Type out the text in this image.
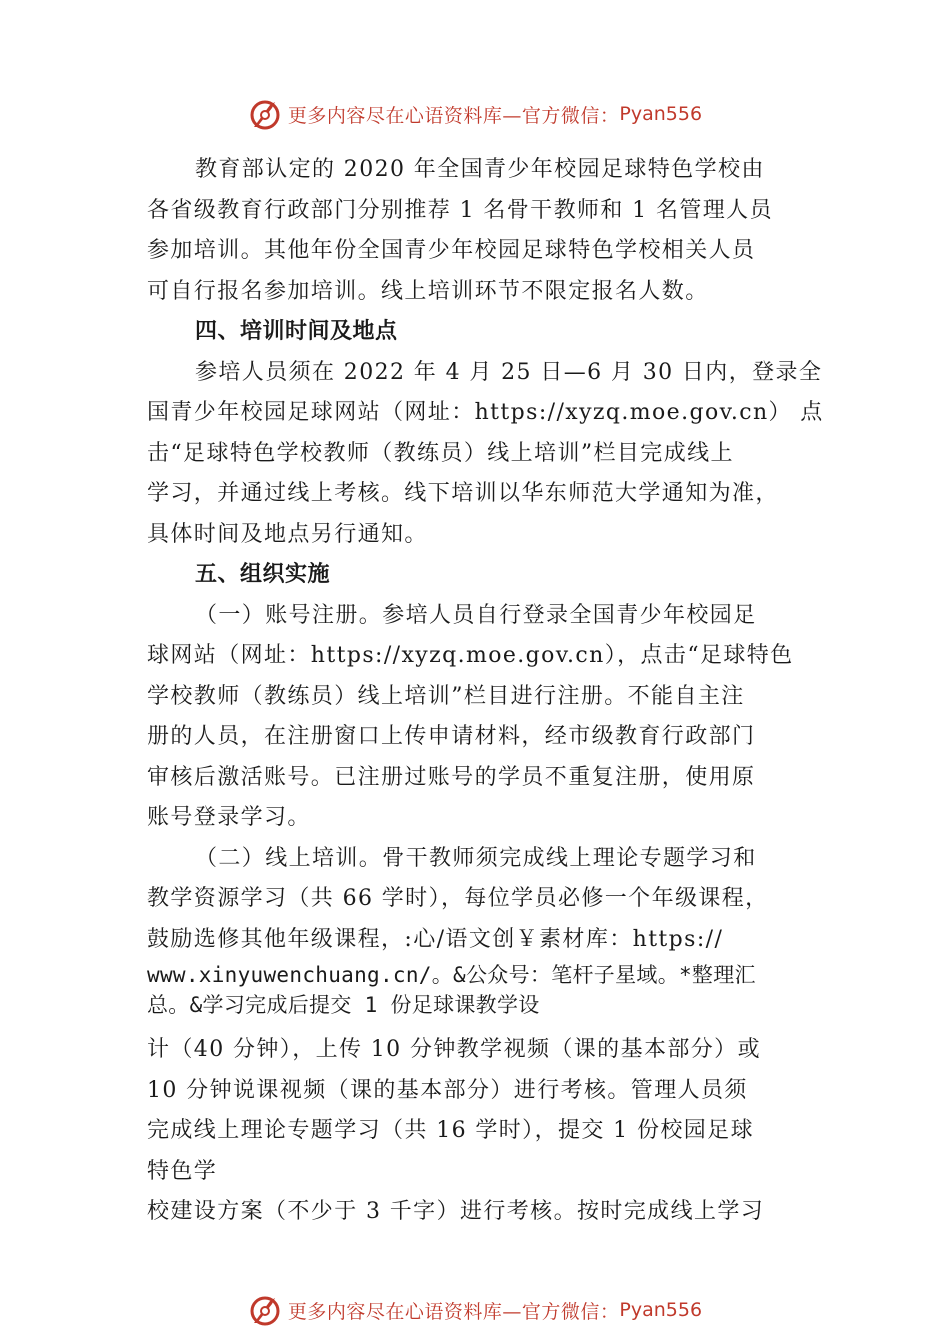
更多内容尽在心语资料库—官方微信： Pyan556
教育部认定的 2020 年全国青少年校园足球特色学校由
各省级教育行政部门分别推荐 1 名骨干教师和 1 名管理人员
参加培训。其他年份全国青少年校园足球特色学校相关人员
可自行报名参加培训。线上培训环节不限定报名人数。
四、培训时间及地点
参培人员须在 2022 年 4 月 25 日—6 月 30 日内，登录全
国青少年校园足球网站（网址：https://xyzq.moe.gov.cn） 点
击“足球特色学校教师（教练员）线上培训”栏目完成线上
学习，并通过线上考核。线下培训以华东师范大学通知为准，
具体时间及地点另行通知。
五、组织实施
（一）账号注册。参培人员自行登录全国青少年校园足
球网站（网址：https://xyzq.moe.gov.cn），点击“足球特色
学校教师（教练员）线上培训”栏目进行注册。不能自主注
册的人员，在注册窗口上传申请材料，经市级教育行政部门
审核后激活账号。已注册过账号的学员不重复注册，使用原
账号登录学习。
（二）线上培训。骨干教师须完成线上理论专题学习和
教学资源学习（共 66 学时），每位学员必修一个年级课程，
鼓励选修其他年级课程，:心/语文创￥素材库：https://
www.xinyuwenchuang.cn/。&公众号：笔杆子星域。*整理汇
总。&学习完成后提交 1 份足球课教学设
计（40 分钟），上传 10 分钟教学视频（课的基本部分）或
10 分钟说课视频（课的基本部分）进行考核。管理人员须
完成线上理论专题学习（共 16 学时），提交 1 份校园足球
特色学
校建设方案（不少于 3 千字）进行考核。按时完成线上学习
更多内容尽在心语资料库—官方微信： Pyan556
